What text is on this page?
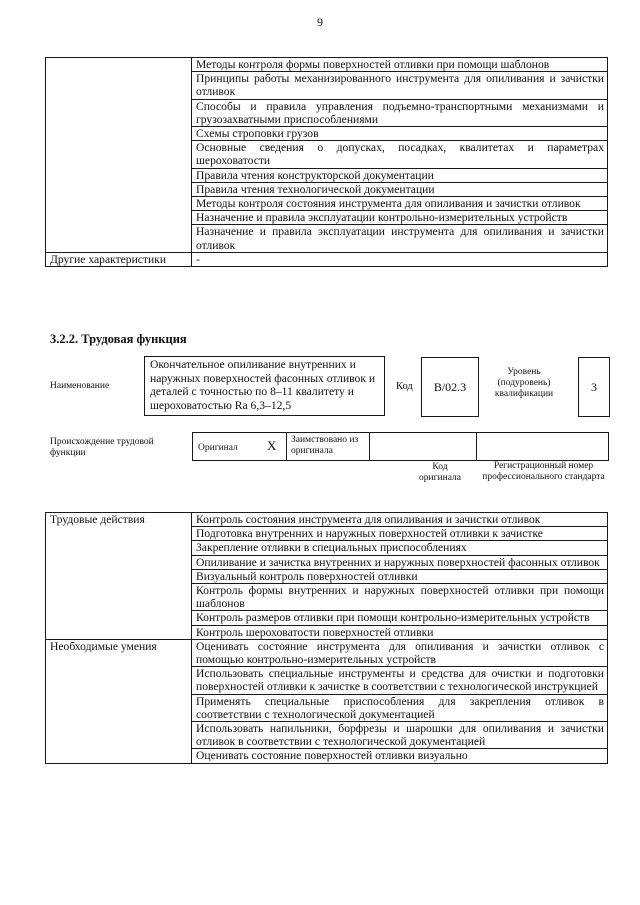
9
	Методы контроля формы поверхностей отливки при помощи шаблонов
	Принципы работы механизированного инструмента для опиливания и зачистки отливок
	Способы и правила управления подъемно-транспортными механизмами и грузозахватными приспособлениями
	Схемы строповки грузов
	Основные сведения о допусках, посадках, квалитетах и параметрах шероховатости
	Правила чтения конструкторской документации
	Правила чтения технологической документации
	Методы контроля состояния инструмента для опиливания и зачистки отливок
	Назначение и правила эксплуатации контрольно-измерительных устройств
	Назначение и правила эксплуатации инструмента для опиливания и зачистки отливок
Другие характеристики	-
3.2.2. Трудовая функция
Наименование
Окончательное опиливание внутренних и наружных поверхностей фасонных отливок и деталей с точностью по 8–11 квалитету и шероховатостью Ra 6,3–12,5
Код	B/02.3
Уровень (подуровень) квалификации
3
Происхождение трудовой функции	Оригинал X Заимствовано из оригинала
Код оригинала
Регистрационный номер профессионального стандарта
Трудовые действия	Контроль состояния инструмента для опиливания и зачистки отливок
	Подготовка внутренних и наружных поверхностей отливки к зачистке
	Закрепление отливки в специальных приспособлениях
	Опиливание и зачистка внутренних и наружных поверхностей фасонных отливок
	Визуальный контроль поверхностей отливки
	Контроль формы внутренних и наружных поверхностей отливки при помощи шаблонов
	Контроль размеров отливки при помощи контрольно-измерительных устройств
	Контроль шероховатости поверхностей отливки
Необходимые умения	Оценивать состояние инструмента для опиливания и зачистки отливок с помощью контрольно-измерительных устройств
	Использовать специальные инструменты и средства для очистки и подготовки поверхностей отливки к зачистке в соответствии с технологической инструкцией
	Применять специальные приспособления для закрепления отливок в соответствии с технологической документацией
	Использовать напильники, борфрезы и шарошки для опиливания и зачистки отливок в соответствии с технологической документацией
	Оценивать состояние поверхностей отливки визуально
